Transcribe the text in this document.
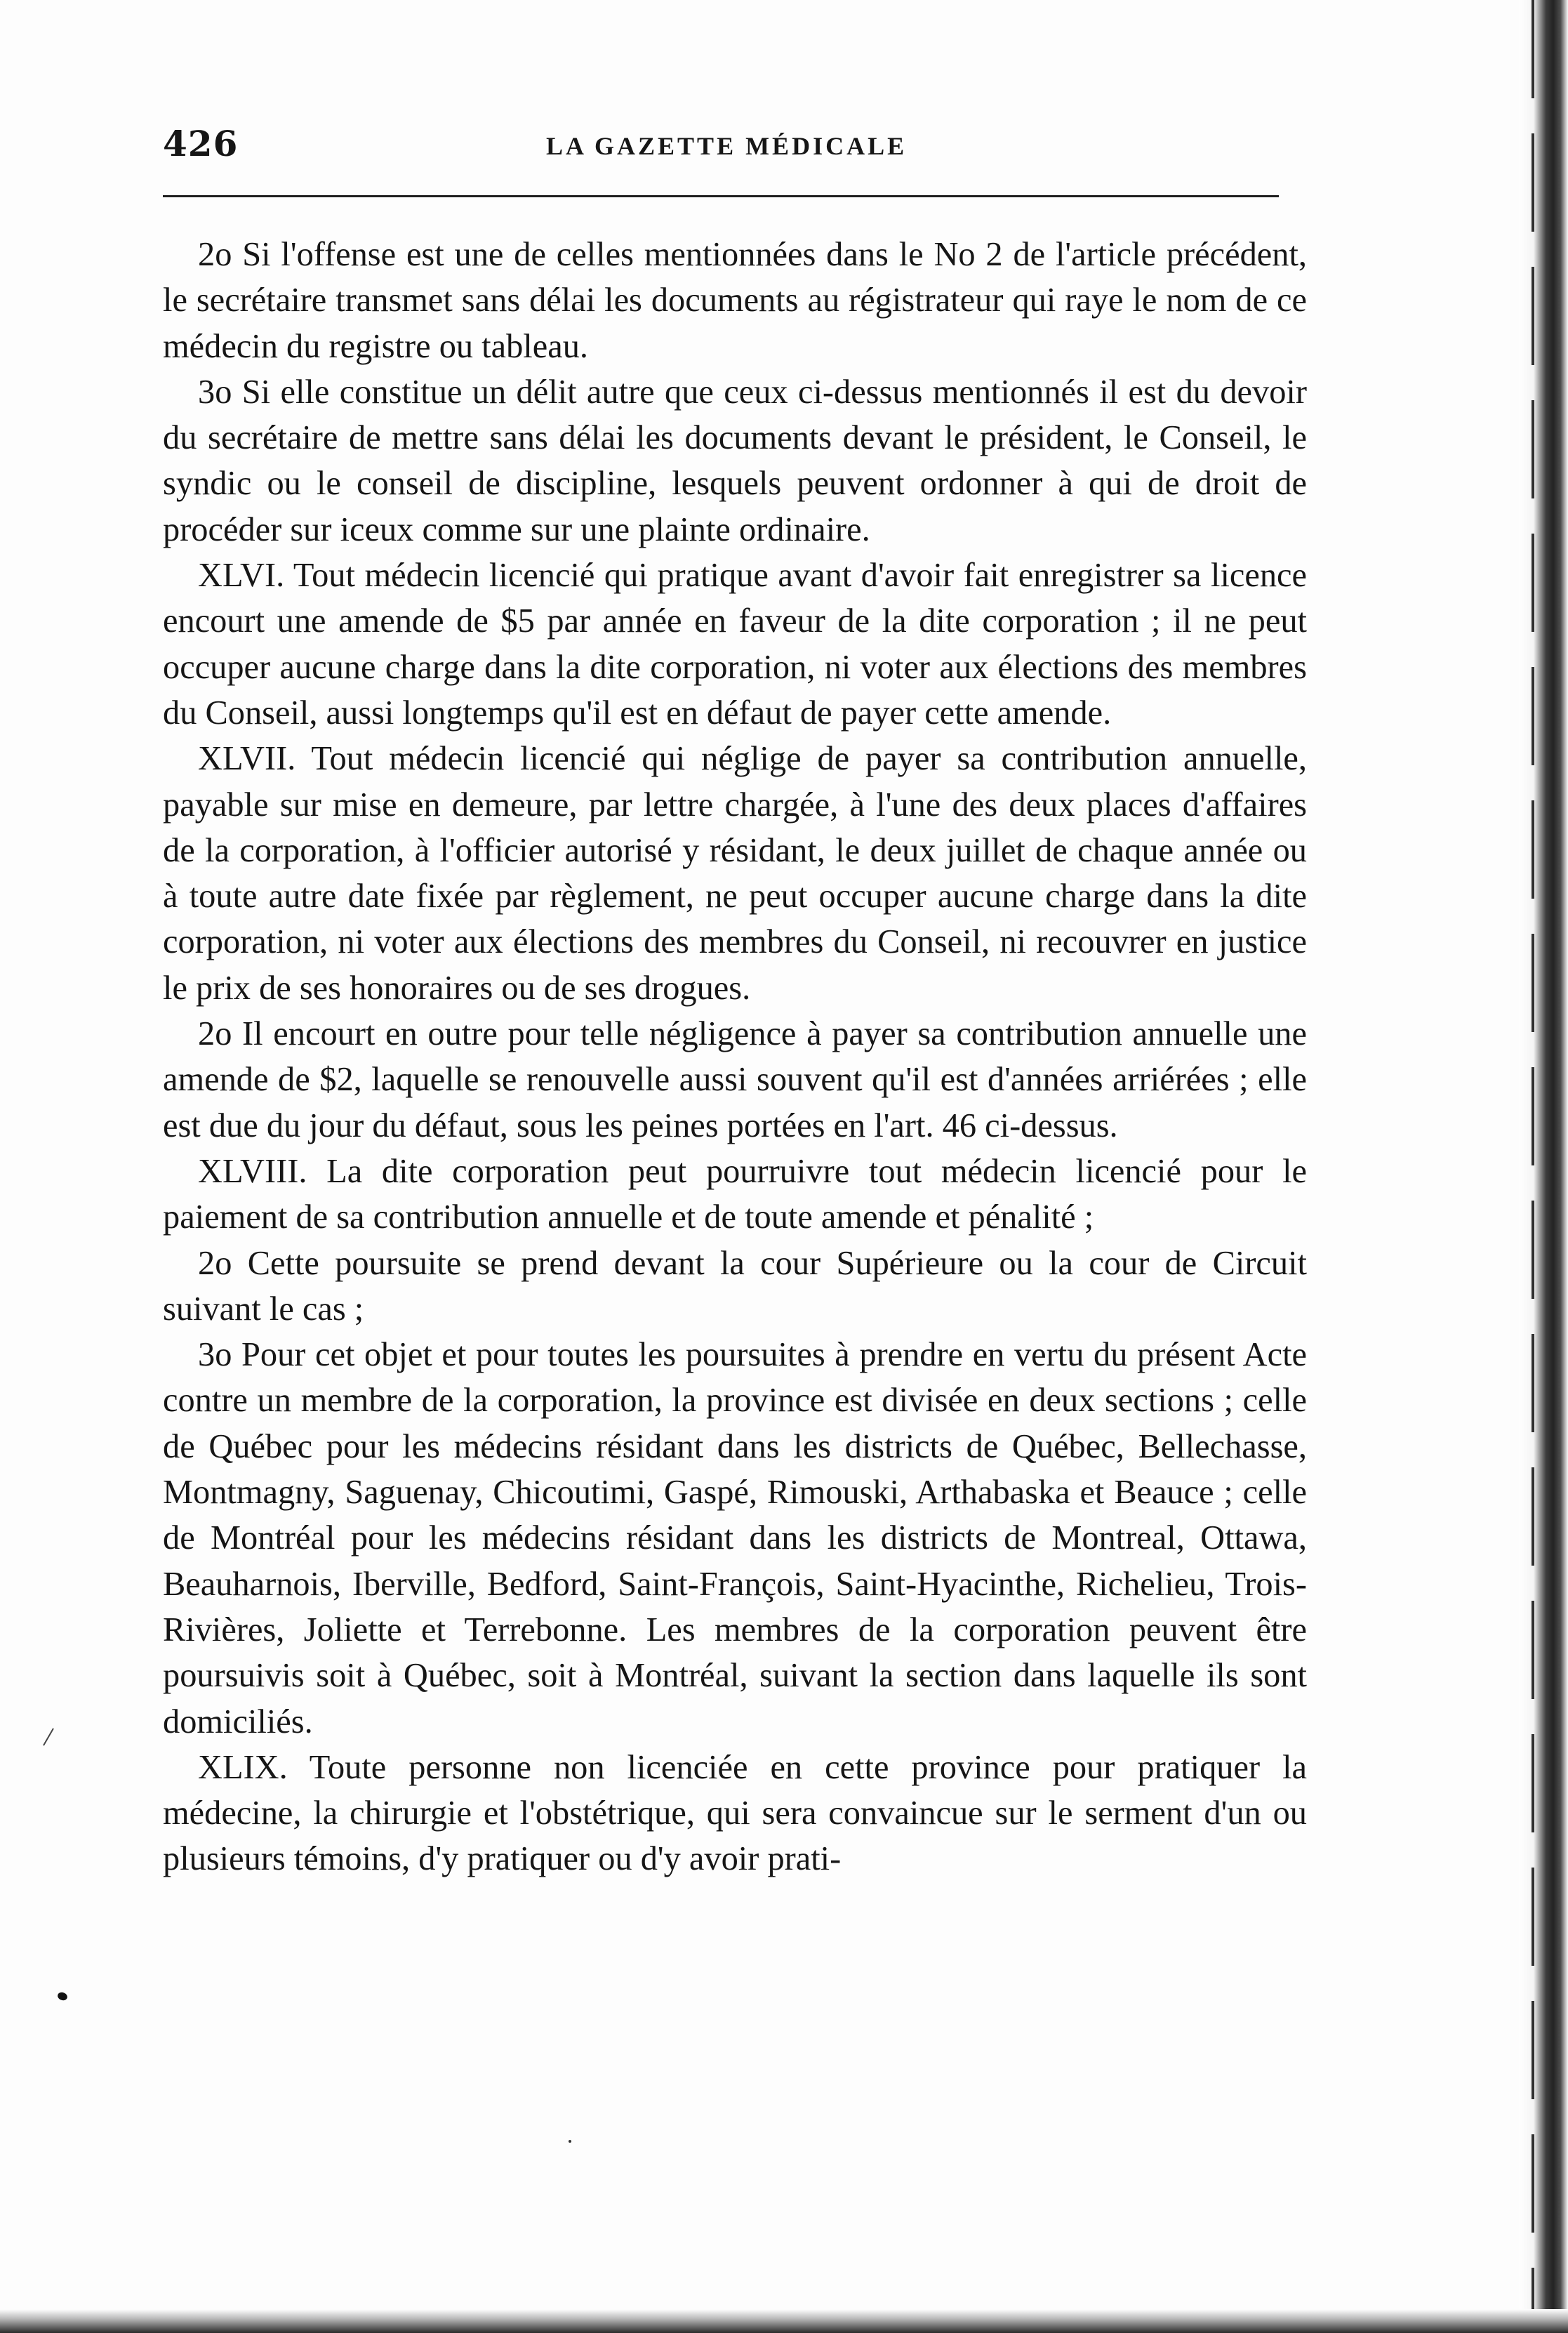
426	LA GAZETTE MÉDICALE

2o Si l'offense est une de celles mentionnées dans le No 2 de l'article précédent, le secrétaire transmet sans délai les documents au régistrateur qui raye le nom de ce médecin du registre ou tableau.

3o Si elle constitue un délit autre que ceux ci-dessus mentionnés il est du devoir du secrétaire de mettre sans délai les documents devant le président, le Conseil, le syndic ou le conseil de discipline, lesquels peuvent ordonner à qui de droit de procéder sur iceux comme sur une plainte ordinaire.

XLVI. Tout médecin licencié qui pratique avant d'avoir fait enregistrer sa licence encourt une amende de $5 par année en faveur de la dite corporation ; il ne peut occuper aucune charge dans la dite corporation, ni voter aux élections des membres du Conseil, aussi longtemps qu'il est en défaut de payer cette amende.

XLVII. Tout médecin licencié qui néglige de payer sa contribution annuelle, payable sur mise en demeure, par lettre chargée, à l'une des deux places d'affaires de la corporation, à l'officier autorisé y résidant, le deux juillet de chaque année ou à toute autre date fixée par règlement, ne peut occuper aucune charge dans la dite corporation, ni voter aux élections des membres du Conseil, ni recouvrer en justice le prix de ses honoraires ou de ses drogues.

2o Il encourt en outre pour telle négligence à payer sa contribution annuelle une amende de $2, laquelle se renouvelle aussi souvent qu'il est d'années arriérées ; elle est due du jour du défaut, sous les peines portées en l'art. 46 ci-dessus.

XLVIII. La dite corporation peut pourruivre tout médecin licencié pour le paiement de sa contribution annuelle et de toute amende et pénalité ;

2o Cette poursuite se prend devant la cour Supérieure ou la cour de Circuit suivant le cas ;

3o Pour cet objet et pour toutes les poursuites à prendre en vertu du présent Acte contre un membre de la corporation, la province est divisée en deux sections ; celle de Québec pour les médecins résidant dans les districts de Québec, Bellechasse, Montmagny, Saguenay, Chicoutimi, Gaspé, Rimouski, Arthabaska et Beauce ; celle de Montréal pour les médecins résidant dans les districts de Montreal, Ottawa, Beauharnois, Iberville, Bedford, Saint-François, Saint-Hyacinthe, Richelieu, Trois-Rivières, Joliette et Terrebonne. Les membres de la corporation peuvent être poursuivis soit à Québec, soit à Montréal, suivant la section dans laquelle ils sont domiciliés.

XLIX. Toute personne non licenciée en cette province pour pratiquer la médecine, la chirurgie et l'obstétrique, qui sera convaincue sur le serment d'un ou plusieurs témoins, d'y pratiquer ou d'y avoir prati-
